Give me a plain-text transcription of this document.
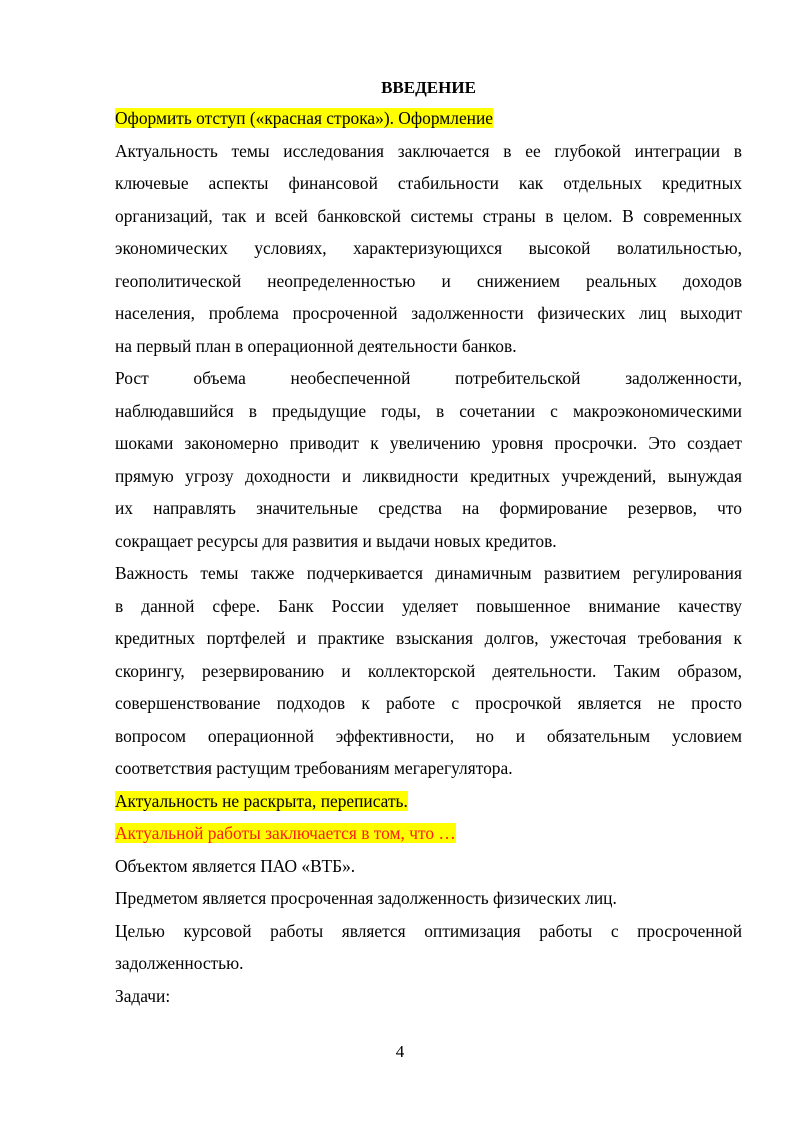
ВВЕДЕНИЕ
Оформить отступ («красная строка»). Оформление
Актуальность темы исследования заключается в ее глубокой интеграции в
ключевые аспекты финансовой стабильности как отдельных кредитных
организаций, так и всей банковской системы страны в целом. В современных
экономических условиях, характеризующихся высокой волатильностью,
геополитической неопределенностью и снижением реальных доходов
населения, проблема просроченной задолженности физических лиц выходит
на первый план в операционной деятельности банков.
Рост объема необеспеченной потребительской задолженности,
наблюдавшийся в предыдущие годы, в сочетании с макроэкономическими
шоками закономерно приводит к увеличению уровня просрочки. Это создает
прямую угрозу доходности и ликвидности кредитных учреждений, вынуждая
их направлять значительные средства на формирование резервов, что
сокращает ресурсы для развития и выдачи новых кредитов.
Важность темы также подчеркивается динамичным развитием регулирования
в данной сфере. Банк России уделяет повышенное внимание качеству
кредитных портфелей и практике взыскания долгов, ужесточая требования к
скорингу, резервированию и коллекторской деятельности. Таким образом,
совершенствование подходов к работе с просрочкой является не просто
вопросом операционной эффективности, но и обязательным условием
соответствия растущим требованиям мегарегулятора.
Актуальность не раскрыта, переписать.
Актуальной работы заключается в том, что …
Объектом является ПАО «ВТБ».
Предметом является просроченная задолженность физических лиц.
Целью курсовой работы является оптимизация работы с просроченной
задолженностью.
Задачи:
4
